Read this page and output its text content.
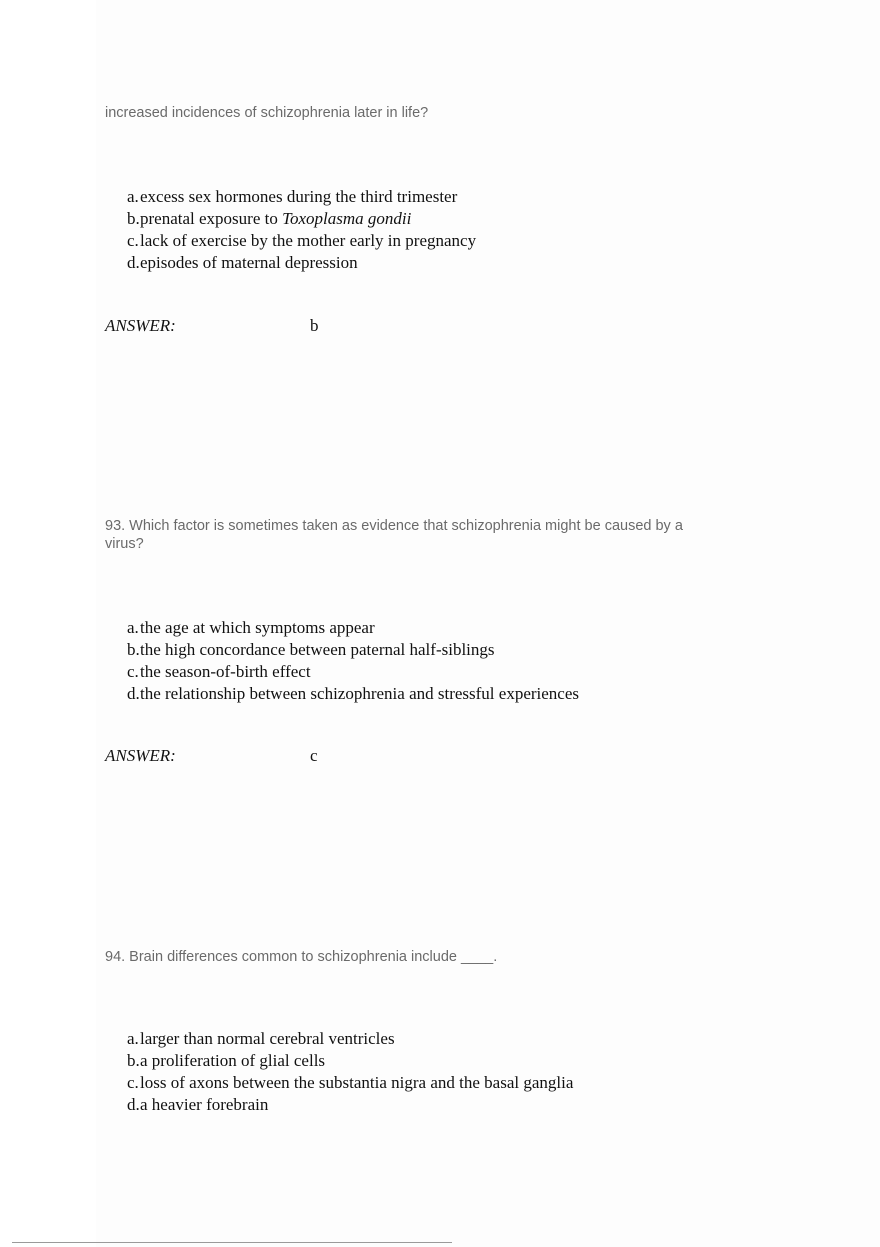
increased incidences of schizophrenia later in life?
a.excess sex hormones during the third trimester
b.prenatal exposure to Toxoplasma gondii
c.lack of exercise by the mother early in pregnancy
d.episodes of maternal depression
ANSWER:	b
93. Which factor is sometimes taken as evidence that schizophrenia might be caused by a virus?
a.the age at which symptoms appear
b.the high concordance between paternal half-siblings
c.the season-of-birth effect
d.the relationship between schizophrenia and stressful experiences
ANSWER:	c
94. Brain differences common to schizophrenia include ____.
a.larger than normal cerebral ventricles
b.a proliferation of glial cells
c.loss of axons between the substantia nigra and the basal ganglia
d.a heavier forebrain
